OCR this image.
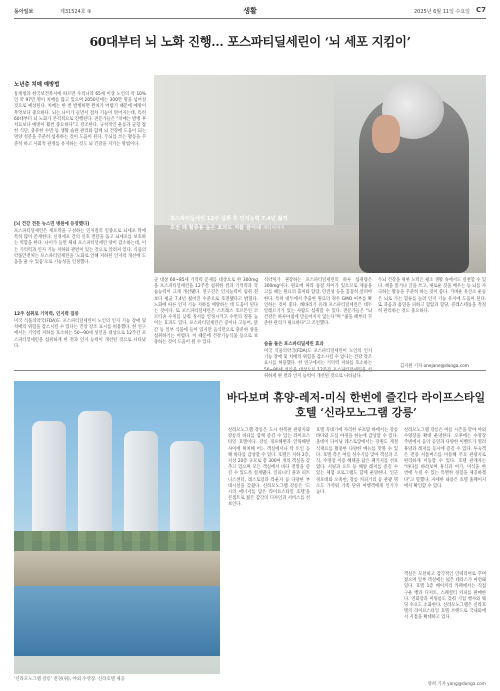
동아일보	제31524호 ⑨	생활	2025년 6월 11일 수요일 C7
60대부터 뇌 노화 진행… 포스파티딜세린이 ‘뇌 세포 지킴이’
노년층 치매 예방법
통계청과 한국보건복지에 따르면 우리나라 65세 이상 노인의 약 10%인 약 97만 명이 치매를 앓고 있으며 2050년에는 300만 명을 넘어설 것으로 예상된다. 치매는 한 번 발병하면 완치가 어렵기 때문에 예방이 무엇보다 중요하다. 뇌는 나이가 들면서 점차 기능이 떨어지는데, 특히 60대부터 뇌 노화가 본격적으로 진행된다. 전문가들은 "치매는 발병 후 치료보다 예방이 훨씬 중요하다"고 강조한다. 규칙적인 운동과 균형 잡힌 식단, 충분한 수면 등 생활 습관 관리와 함께 뇌 건강에 도움이 되는 영양 성분을 꾸준히 섭취하는 것이 도움이 된다. 두뇌를 쓰는 활동을 꾸준히 하고 사회적 관계를 유지하는 것도 뇌 건강을 지키는 방법이다.
[뇌 건강 전문 뉴스민 병원에 등장했다]
포스파티딜세린은 세포막을 구성하는 인지질의 일종으로 뇌세포 막에 특히 많이 존재한다. 신경세포 간의 신호 전달을 돕고 뇌세포를 보호하는 역할을 한다. 나이가 들면 체내 포스파티딜세린 양이 감소하는데, 이는 기억력과 인지 기능 저하와 관련이 있는 것으로 알려져 있다. 식품의약품안전처는 포스파티딜세린을 '노화로 인해 저하된 인지력 개선에 도움을 줄 수 있음'으로 기능성을 인정했다.
12주 섭취로 기억력, 인지력 집중
미국 식품의약국(FDA)도 포스파티딜세린이 노인의 인지 기능 장애 및 치매의 위험을 감소시킬 수 있다는 건강 강조 표시를 허용했다. 한 연구에서는 기억력 저하를 호소하는 50~90세 성인을 대상으로 12주간 포스파티딜세린을 섭취하게 한 결과 인지 능력이 개선된 것으로 나타났다.
포스파티딜세린 12주 섭취 후 인지능력 7.4년 젊게 호전 돼 혈중용 높은 효과도 저를 끌어내 게티이미지
군 대상 60~85세 기억력 문제를 대상으로 한 300mg을 포스파티딜세린을 12주간 섭취한 결과 기억력과 학습능력이 크게 개선됐다. 연구진은 인지능력이 섭취 전보다 평균 7.4년 젊어진 수준으로 호전됐다고 밝혔다. 노화에 따른 인지 기능 저하를 예방하는 데 도움이 된다는 것이다. 또 포스파티딜세린은 스트레스 호르몬인 코르티솔 수치를 낮춰 정서를 안정시키고 수면의 질을 높이는 효과도 있다. 포스파티딜세린은 콩이나 고등어, 닭 간 등 일부 식품에 들어 있지만 음식만으로 충분한 양을 섭취하기는 어렵다. 이 때문에 건강기능식품 등으로 보충하는 것이 도움이 될 수 있다.
식약처가 권장하는 포스파티딜세린의 하루 섭취량은 300mg이다. 원료에 따라 품질 차이가 있으므로 제품을 고를 때는 원료의 출처와 함량, 안전성 등을 꼼꼼히 살펴야 한다. 특히 대두에서 추출한 원료의 경우 GMO 여부를 확인하는 것이 좋다. 해바라기 유래 포스파티딜세린은 대두 알레르기가 있는 사람도 섭취할 수 있다. 전문가들은 "뇌 건강은 하루아침에 만들어지지 않는다"며 "젊을 때부터 꾸준한 관리가 필요하다"고 조언했다.
숨을 돌은 포스파티딜세린 효과
미국 식품의약국(FDA)도 포스파티딜세린이 노인의 인지 기능 장애 및 치매의 위험을 감소시킬 수 있다는 건강 강조 표시를 허용했다. 한 연구에서는 기억력 저하를 호소하는 취하게 한 결과 인지 능력이 개선된 것으로 나타났다.
두뇌 건강을 위한 노력은 평소 생활 속에서도 실천할 수 있다. 책을 읽거나 글을 쓰고, 새로운 것을 배우는 등 뇌를 자극하는 활동을 꾸준히 하는 것이 좋다. 가벼운 유산소 운동은 뇌로 가는 혈류를 늘려 인지 기능 유지에 도움이 된다. 또 과음과 흡연을 피하고 혈압과 혈당, 콜레스테롤을 적절히 관리하는 것도 중요하다.
김지원 기자 onejane@donga.com
‘신라모노그램 강릉’ 전경(위), 야외 수영장. 신라호텔 제공
바다보며 휴양-레저-미식 한번에 즐긴다 라이프스타일 호텔 ‘신라모노그램 강릉’
신라모노그램 강릉은 도시 한복판 관광지와 강릉의 바다를 함께 즐길 수 있는 라이프스타일 호텔이다. 강릉 경포해변과 안목해변 사이에 위치해 어느 객실에서나 탁 트인 동해 바다를 감상할 수 있다. 호텔은 지하 2층, 지상 20층 규모로 총 300여 개의 객실을 갖추고 있으며 모든 객실에서 바다 전망을 즐길 수 있도록 설계됐다. 인피니티 풀과 피트니스센터, 레스토랑과 라운지 등 다양한 부대시설을 갖췄다. 신라모노그램 강릉은 '도시의 에너지를 담은 라이프스타일 호텔'을 콘셉트로 젊은 감각의 디자인과 서비스를 선보인다.
호텔 꼭대기에 자리한 루프탑 바에서는 강릉 바다와 도심 야경을 한눈에 감상할 수 있다. 올데이 다이닝 레스토랑에서는 강원도 제철 식재료를 활용한 다양한 메뉴를 맛볼 수 있다. 호텔 측은 여름 성수기를 맞아 객실과 조식, 수영장 이용 혜택을 담은 패키지를 선보였다. 서핑과 요트 등 해양 레저를 즐길 수 있는 체험 프로그램도 함께 운영한다. 인근 경포대와 오죽헌, 강릉 커피거리 등 관광 명소도 가까워 가족 단위 여행객에게 인기가 높다.
신라모노그램 강릉은 여름 시즌을 맞아 야외 수영장을 확대 운영한다. 오후에는 수영장 주변에서 음악 공연과 다양한 이벤트가 열려 휴양과 레저를 동시에 즐길 수 있다. 투숙객은 전용 셔틀버스를 이용해 주요 관광지로 편리하게 이동할 수 있다. 호텔 관계자는 "바다를 바라보며 휴식과 여가, 미식을 한 번에 누릴 수 있는 특별한 경험을 제공하겠다"고 말했다. 자세한 내용은 호텔 홈페이지에서 확인할 수 있다.
객실은 모던하고 감각적인 인테리어로 꾸며졌으며 일부 객실에는 넓은 테라스가 마련돼 있다. 호텔 1층 베이커리 카페에서는 직접 구운 빵과 디저트, 스페셜티 커피를 판매한다. 연회장과 미팅룸도 갖춰 기업 행사와 웨딩 수요도 소화한다. 신라모노그램은 신라호텔의 라이프스타일 호텔 브랜드로 국내외에서 지점을 확대하고 있다.
양희 기자 yang@donga.com
